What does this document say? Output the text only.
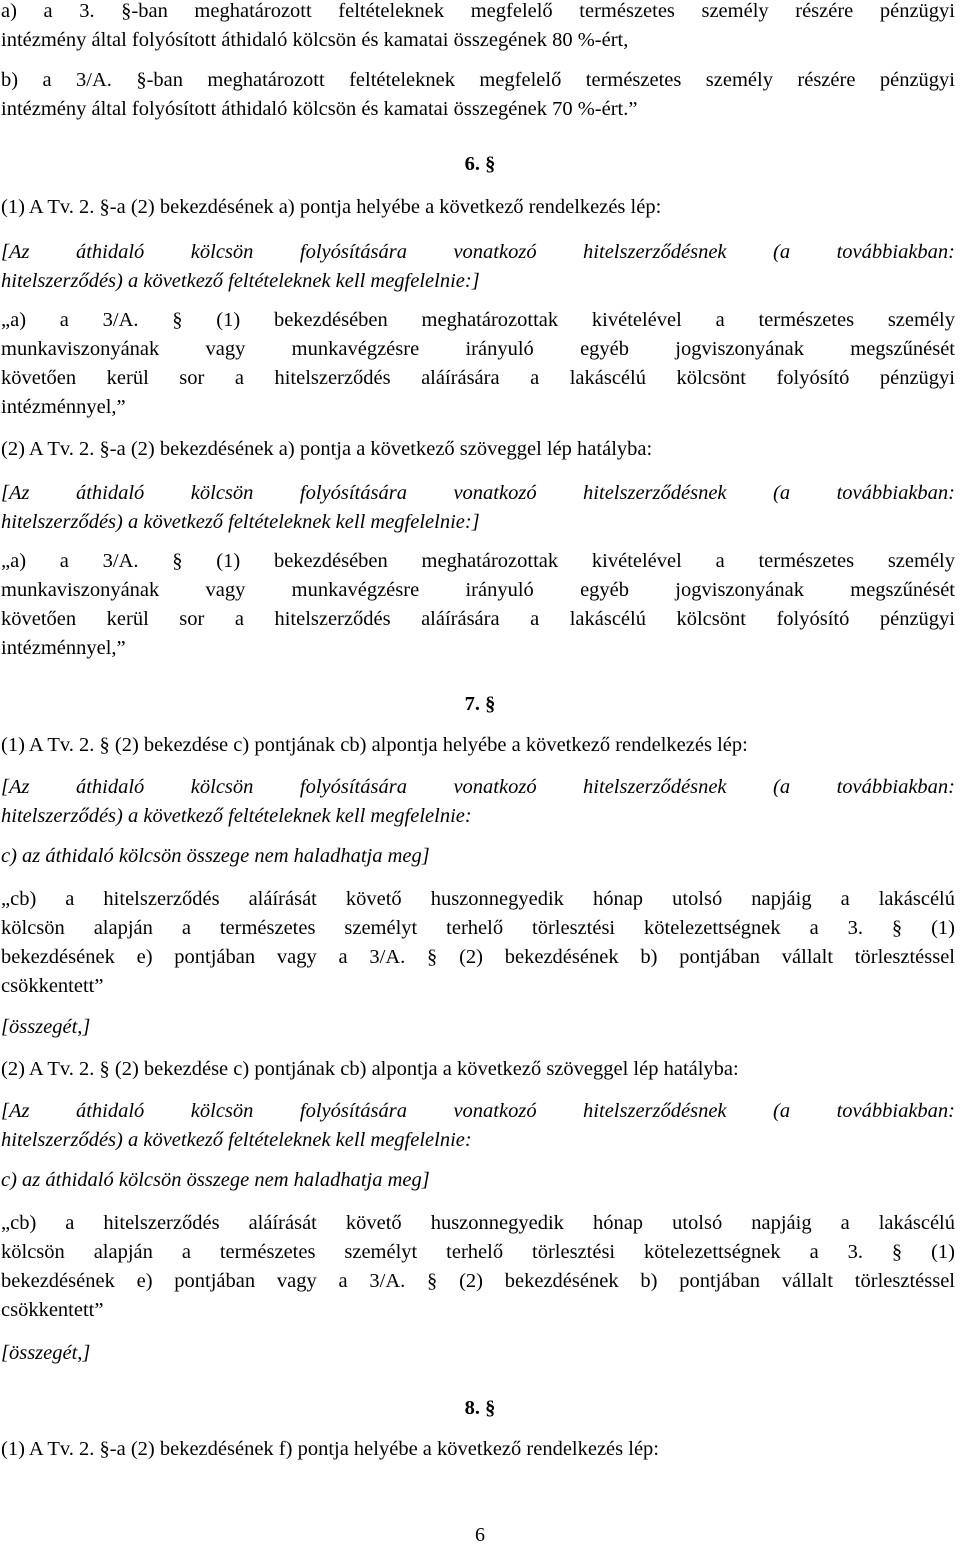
a) a 3. §-ban meghatározott feltételeknek megfelelő természetes személy részére pénzügyi
intézmény által folyósított áthidaló kölcsön és kamatai összegének 80 %-ért,

b) a 3/A. §-ban meghatározott feltételeknek megfelelő természetes személy részére pénzügyi
intézmény által folyósított áthidaló kölcsön és kamatai összegének 70 %-ért.”

6. §

(1) A Tv. 2. §-a (2) bekezdésének a) pontja helyébe a következő rendelkezés lép:

[Az áthidaló kölcsön folyósítására vonatkozó hitelszerződésnek (a továbbiakban:
hitelszerződés) a következő feltételeknek kell megfelelnie:]

„a) a 3/A. § (1) bekezdésében meghatározottak kivételével a természetes személy
munkaviszonyának vagy munkavégzésre irányuló egyéb jogviszonyának megszűnését
követően kerül sor a hitelszerződés aláírására a lakáscélú kölcsönt folyósító pénzügyi
intézménnyel,”

(2) A Tv. 2. §-a (2) bekezdésének a) pontja a következő szöveggel lép hatályba:

[Az áthidaló kölcsön folyósítására vonatkozó hitelszerződésnek (a továbbiakban:
hitelszerződés) a következő feltételeknek kell megfelelnie:]

„a) a 3/A. § (1) bekezdésében meghatározottak kivételével a természetes személy
munkaviszonyának vagy munkavégzésre irányuló egyéb jogviszonyának megszűnését
követően kerül sor a hitelszerződés aláírására a lakáscélú kölcsönt folyósító pénzügyi
intézménnyel,”

7. §

(1) A Tv. 2. § (2) bekezdése c) pontjának cb) alpontja helyébe a következő rendelkezés lép:

[Az áthidaló kölcsön folyósítására vonatkozó hitelszerződésnek (a továbbiakban:
hitelszerződés) a következő feltételeknek kell megfelelnie:

c) az áthidaló kölcsön összege nem haladhatja meg]

„cb) a hitelszerződés aláírását követő huszonnegyedik hónap utolsó napjáig a lakáscélú
kölcsön alapján a természetes személyt terhelő törlesztési kötelezettségnek a 3. § (1)
bekezdésének e) pontjában vagy a 3/A. § (2) bekezdésének b) pontjában vállalt törlesztéssel
csökkentett”

[összegét,]

(2) A Tv. 2. § (2) bekezdése c) pontjának cb) alpontja a következő szöveggel lép hatályba:

[Az áthidaló kölcsön folyósítására vonatkozó hitelszerződésnek (a továbbiakban:
hitelszerződés) a következő feltételeknek kell megfelelnie:

c) az áthidaló kölcsön összege nem haladhatja meg]

„cb) a hitelszerződés aláírását követő huszonnegyedik hónap utolsó napjáig a lakáscélú
kölcsön alapján a természetes személyt terhelő törlesztési kötelezettségnek a 3. § (1)
bekezdésének e) pontjában vagy a 3/A. § (2) bekezdésének b) pontjában vállalt törlesztéssel
csökkentett”

[összegét,]

8. §

(1) A Tv. 2. §-a (2) bekezdésének f) pontja helyébe a következő rendelkezés lép:

6
